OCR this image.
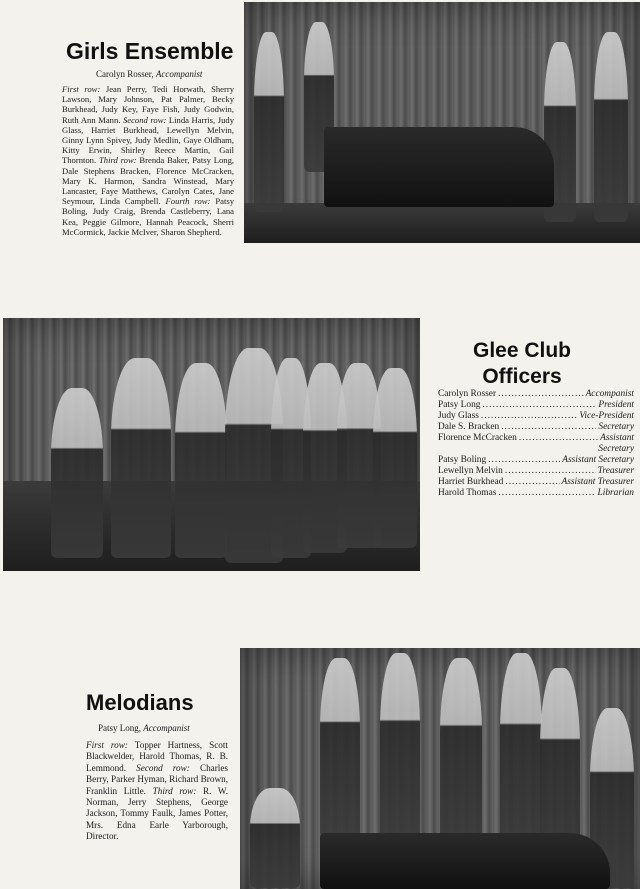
Girls Ensemble
Carolyn Rosser, Accompanist

First row: Jean Perry, Tedi Horwath, Sherry Lawson, Mary Johnson, Pat Palmer, Becky Burkhead, Judy Key, Faye Fish, Judy Godwin, Ruth Ann Mann. Second row: Linda Harris, Judy Glass, Harriet Burkhead, Lewellyn Melvin, Ginny Lynn Spivey, Judy Medlin, Gaye Oldham, Kitty Erwin, Shirley Reece Martin, Gail Thornton. Third row: Brenda Baker, Patsy Long, Dale Stephens Bracken, Florence McCracken, Mary K. Harmon, Sandra Winstead, Mary Lancaster, Faye Matthews, Carolyn Cates, Jane Seymour, Linda Campbell. Fourth row: Patsy Boling, Judy Craig, Brenda Castleberry, Lana Kea, Peggie Gilmore, Hannah Peacock, Sherri McCormick, Jackie McIver, Sharon Shepherd.

Glee Club
Officers
Carolyn Rosser .....	Accompanist
Patsy Long .....	President
Judy Glass .....	Vice-President
Dale S. Bracken .....	Secretary
Florence McCracken .....	Assistant
Secretary
Patsy Boling .....	Assistant Secretary
Lewellyn Melvin .....	Treasurer
Harriet Burkhead .....	Assistant Treasurer
Harold Thomas .....	Librarian
Melodians
Patsy Long, Accompanist

First row: Topper Hartness, Scott Blackwelder, Harold Thomas, R. B. Lemmond. Second row: Charles Berry, Parker Hyman, Richard Brown, Franklin Little. Third row: R. W. Norman, Jerry Stephens, George Jackson, Tommy Faulk, James Potter, Mrs. Edna Earle Yarborough, Director.
